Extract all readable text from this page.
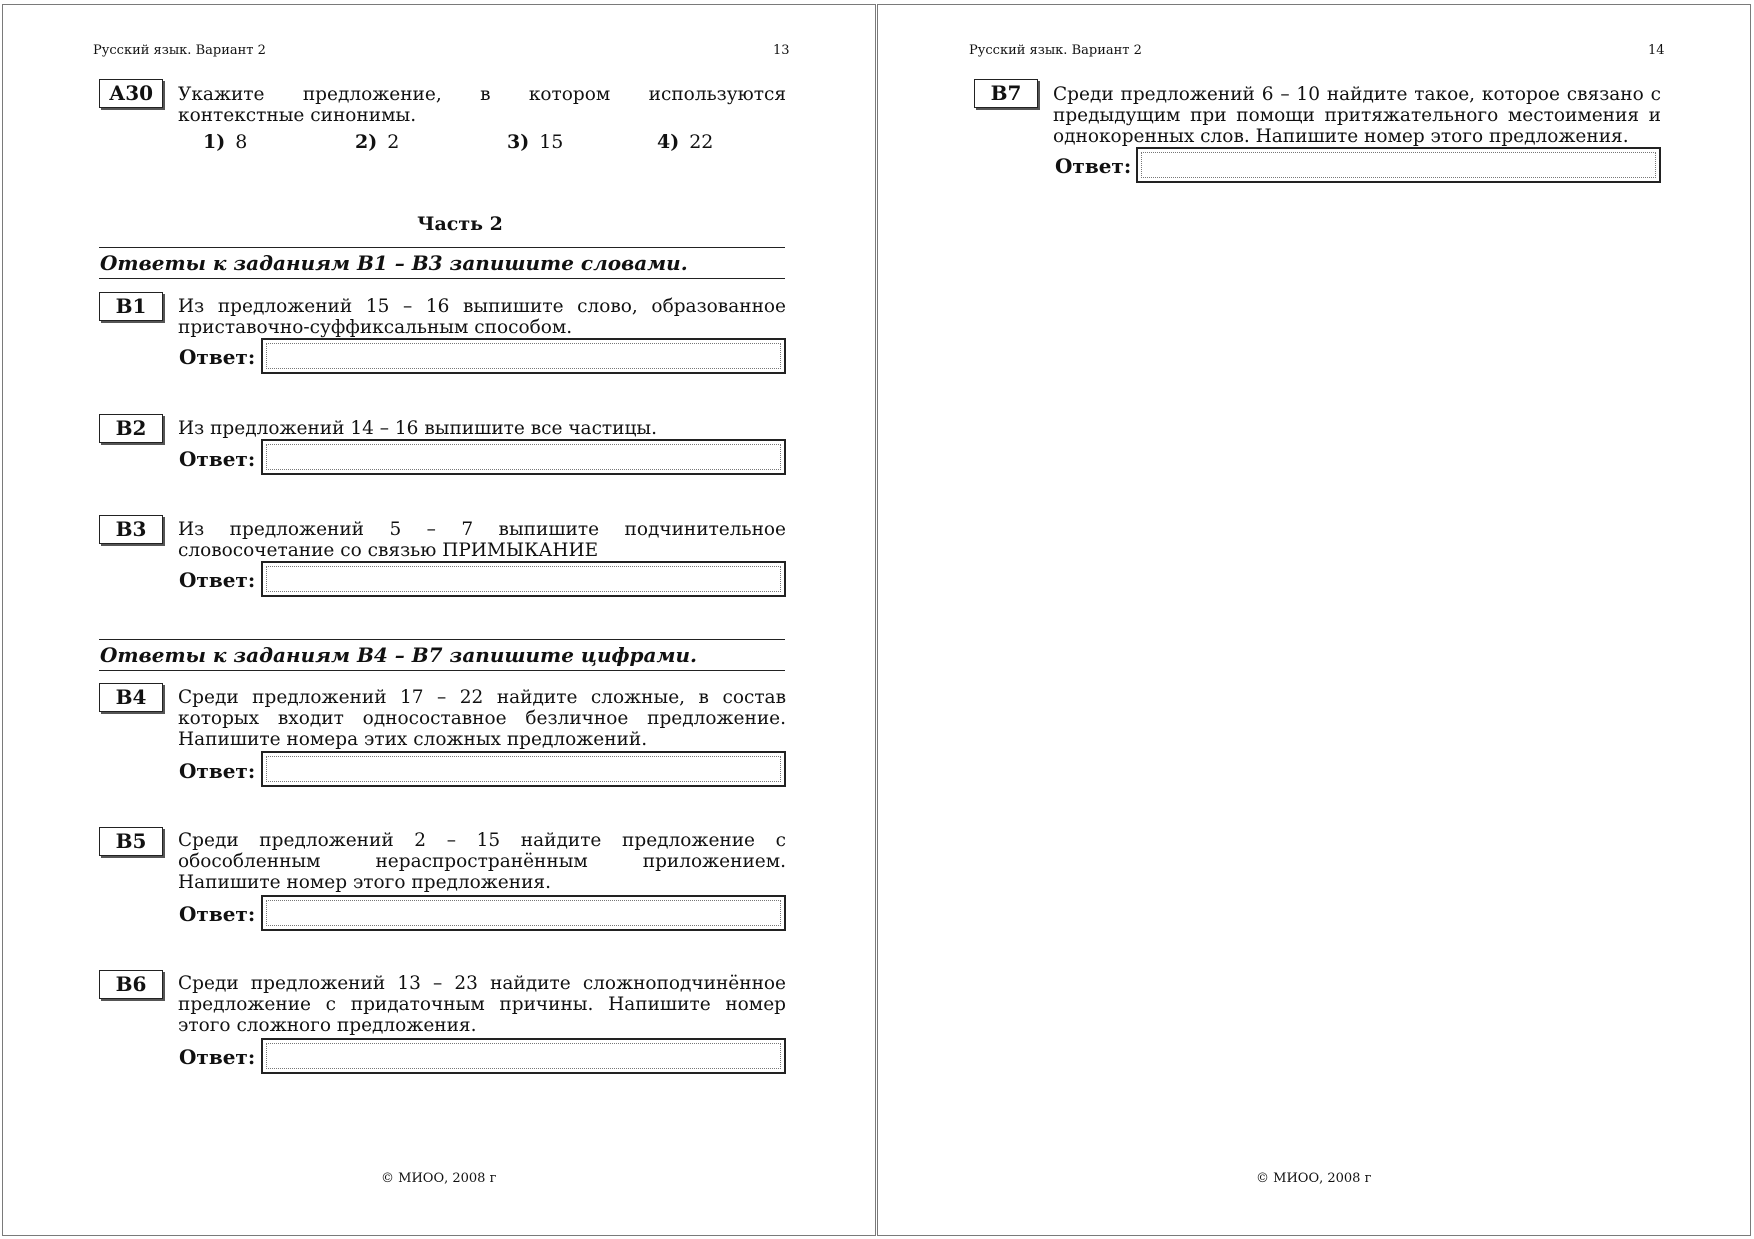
Русский язык. Вариант 2	13
А30	Укажите предложение, в котором используются контекстные синонимы.
1) 8	2) 2	3) 15	4) 22
Часть 2
Ответы к заданиям В1 – В3 запишите словами.
В1	Из предложений 15 – 16 выпишите слово, образованное приставочно-суффиксальным способом.
Ответ:
В2	Из предложений 14 – 16 выпишите все частицы.
Ответ:
В3	Из предложений 5 – 7 выпишите подчинительное словосочетание со связью ПРИМЫКАНИЕ
Ответ:
Ответы к заданиям В4 – В7 запишите цифрами.
В4	Среди предложений 17 – 22 найдите сложные, в состав которых входит односоставное безличное предложение. Напишите номера этих сложных предложений.
Ответ:
В5	Среди предложений 2 – 15 найдите предложение с обособленным нераспространённым приложением. Напишите номер этого предложения.
Ответ:
В6	Среди предложений 13 – 23 найдите сложноподчинённое предложение с придаточным причины. Напишите номер этого сложного предложения.
Ответ:
© МИОО, 2008 г
Русский язык. Вариант 2	14
В7	Среди предложений 6 – 10 найдите такое, которое связано с предыдущим при помощи притяжательного местоимения и однокоренных слов. Напишите номер этого предложения.
Ответ:
© МИОО, 2008 г
